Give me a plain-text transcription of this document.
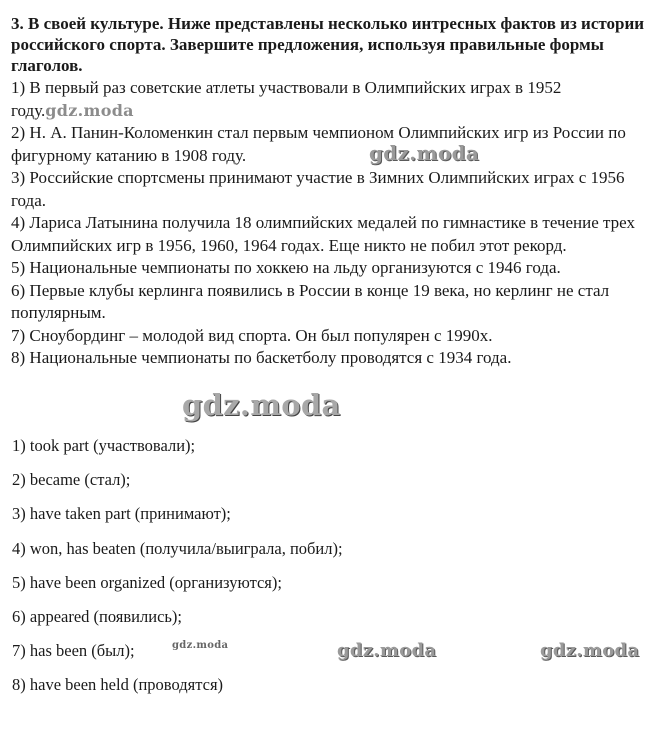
3. В своей культуре. Ниже представлены несколько интресных фактов из истории российского спорта. Завершите предложения, используя правильные формы глаголов.

1) В первый раз советские атлеты участвовали в Олимпийских играх в 1952 году.gdz.moda

2) Н. А. Панин-Коломенкин стал первым чемпионом Олимпийских игр из России по фигурному катанию в 1908 году.

3) Российские спортсмены принимают участие в Зимних Олимпийских играх с 1956 года.

4) Лариса Латынина получила 18 олимпийских медалей по гимнастике в течение трех Олимпийских игр в 1956, 1960, 1964 годах. Еще никто не побил этот рекорд.

5) Национальные чемпионаты по хоккею на льду организуются с 1946 года.

6) Первые клубы керлинга появились в России в конце 19 века, но керлинг не стал популярным.

7) Сноубординг – молодой вид спорта. Он был популярен с 1990х.

8) Национальные чемпионаты по баскетболу проводятся с 1934 года.

1) took part (участвовали);

2) became (стал);

3) have taken part (принимают);

4) won, has beaten (получила/выиграла, побил);

5) have been organized (организуются);

6) appeared (появились);

7) has been (был);

8) have been held (проводятся)

gdz.moda
gdz.moda
gdz.moda	gdz.moda	gdz.moda
